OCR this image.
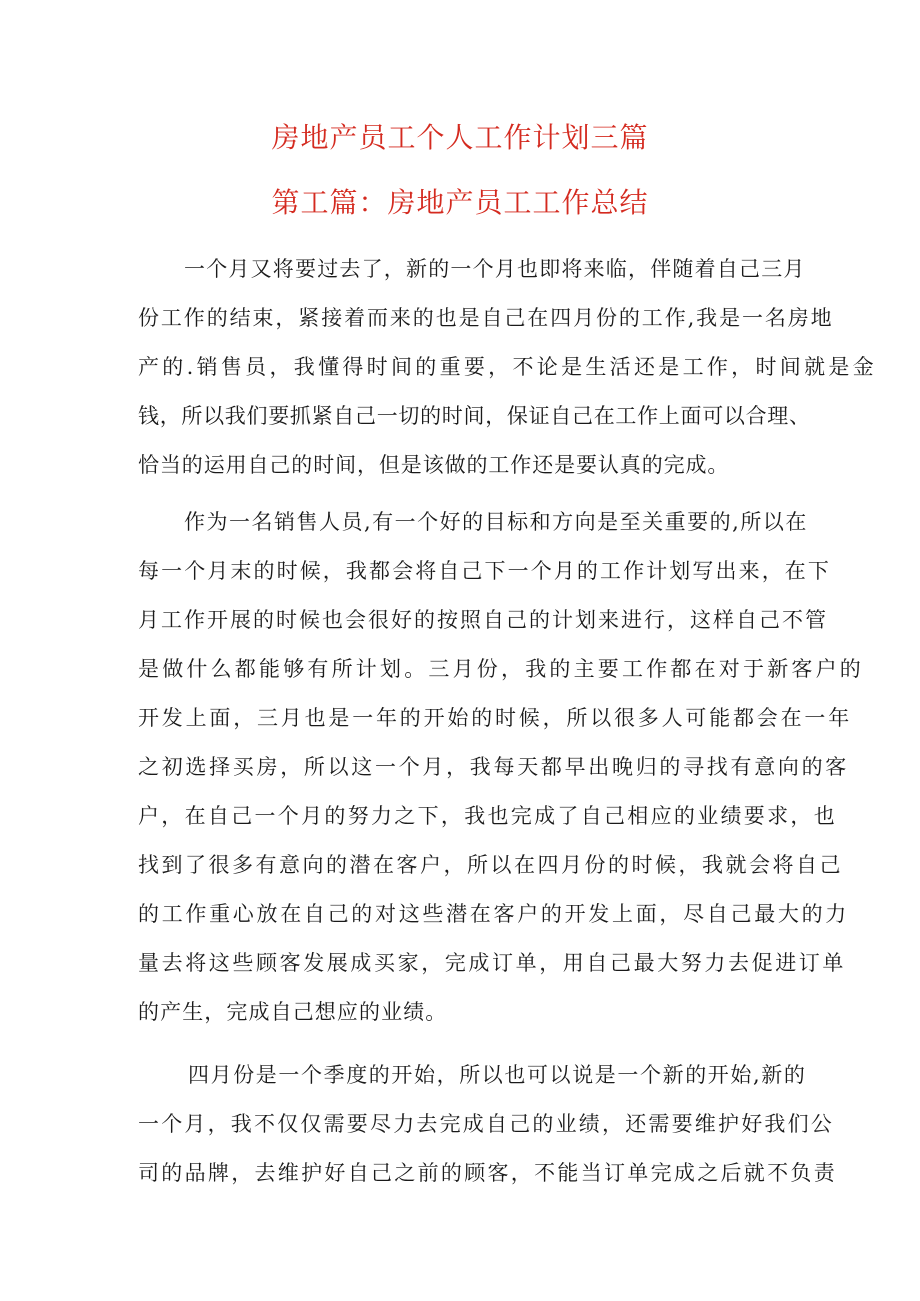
房地产员工个人工作计划三篇
第工篇：房地产员工工作总结
一个月又将要过去了，新的一个月也即将来临，伴随着自己三月
份工作的结束，紧接着而来的也是自己在四月份的工作,我是一名房地
产的.销售员，我懂得时间的重要，不论是生活还是工作，时间就是金
钱，所以我们要抓紧自己一切的时间，保证自己在工作上面可以合理、
恰当的运用自己的时间，但是该做的工作还是要认真的完成。
作为一名销售人员,有一个好的目标和方向是至关重要的,所以在
每一个月末的时候，我都会将自己下一个月的工作计划写出来，在下
月工作开展的时候也会很好的按照自己的计划来进行，这样自己不管
是做什么都能够有所计划。三月份，我的主要工作都在对于新客户的
开发上面，三月也是一年的开始的时候，所以很多人可能都会在一年
之初选择买房，所以这一个月，我每天都早出晚归的寻找有意向的客
户，在自己一个月的努力之下，我也完成了自己相应的业绩要求，也
找到了很多有意向的潜在客户，所以在四月份的时候，我就会将自己
的工作重心放在自己的对这些潜在客户的开发上面，尽自己最大的力
量去将这些顾客发展成买家，完成订单，用自己最大努力去促进订单
的产生，完成自己想应的业绩。
四月份是一个季度的开始，所以也可以说是一个新的开始,新的
一个月，我不仅仅需要尽力去完成自己的业绩，还需要维护好我们公
司的品牌，去维护好自己之前的顾客，不能当订单完成之后就不负责
